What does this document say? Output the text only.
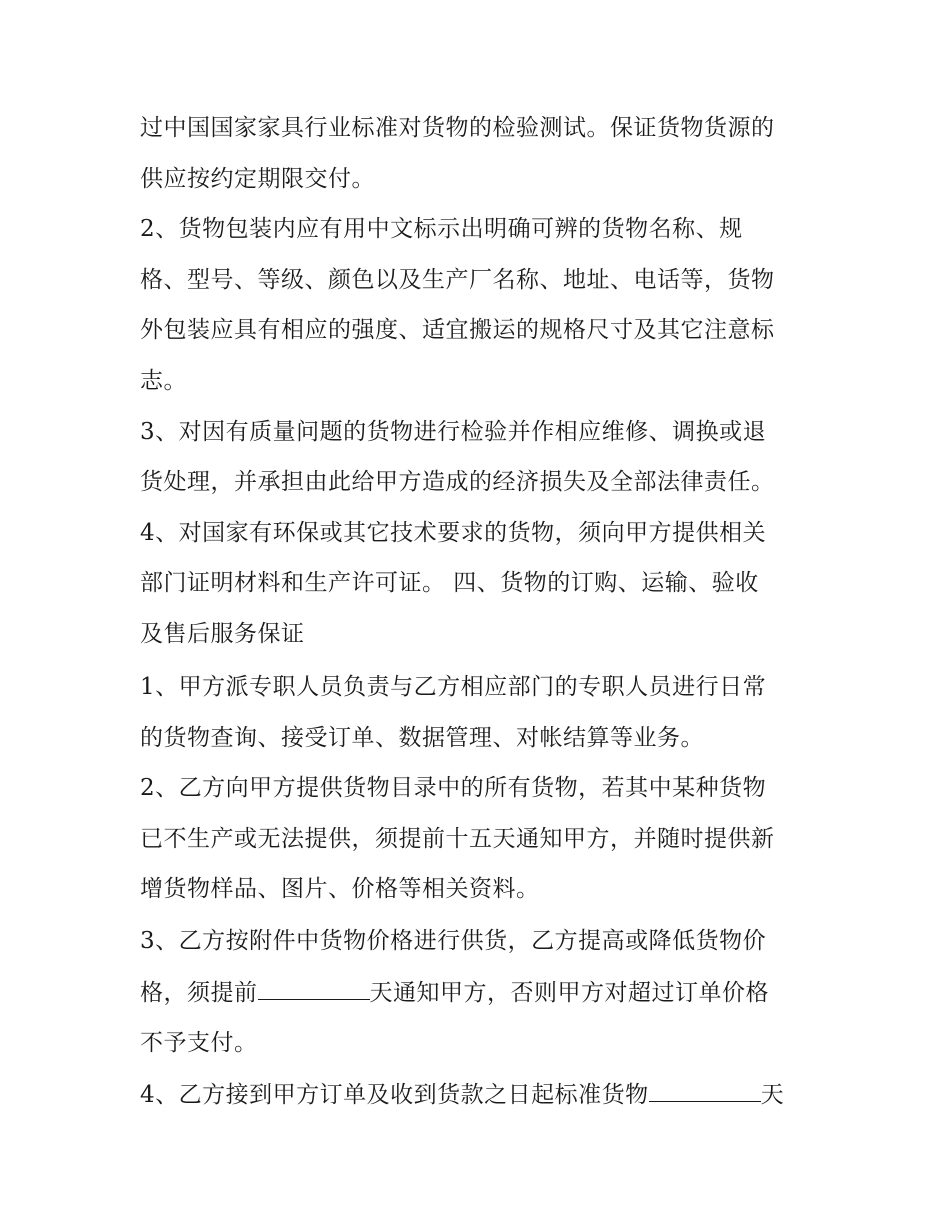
过中国国家家具行业标准对货物的检验测试。保证货物货源的
供应按约定期限交付。
2、货物包装内应有用中文标示出明确可辨的货物名称、规
格、型号、等级、颜色以及生产厂名称、地址、电话等，货物
外包装应具有相应的强度、适宜搬运的规格尺寸及其它注意标
志。
3、对因有质量问题的货物进行检验并作相应维修、调换或退
货处理，并承担由此给甲方造成的经济损失及全部法律责任。
4、对国家有环保或其它技术要求的货物，须向甲方提供相关
部门证明材料和生产许可证。 四、货物的订购、运输、验收
及售后服务保证
1、甲方派专职人员负责与乙方相应部门的专职人员进行日常
的货物查询、接受订单、数据管理、对帐结算等业务。
2、乙方向甲方提供货物目录中的所有货物，若其中某种货物
已不生产或无法提供，须提前十五天通知甲方，并随时提供新
增货物样品、图片、价格等相关资料。
3、乙方按附件中货物价格进行供货，乙方提高或降低货物价
格，须提前	天通知甲方，否则甲方对超过订单价格
不予支付。
4、乙方接到甲方订单及收到货款之日起标准货物	天
